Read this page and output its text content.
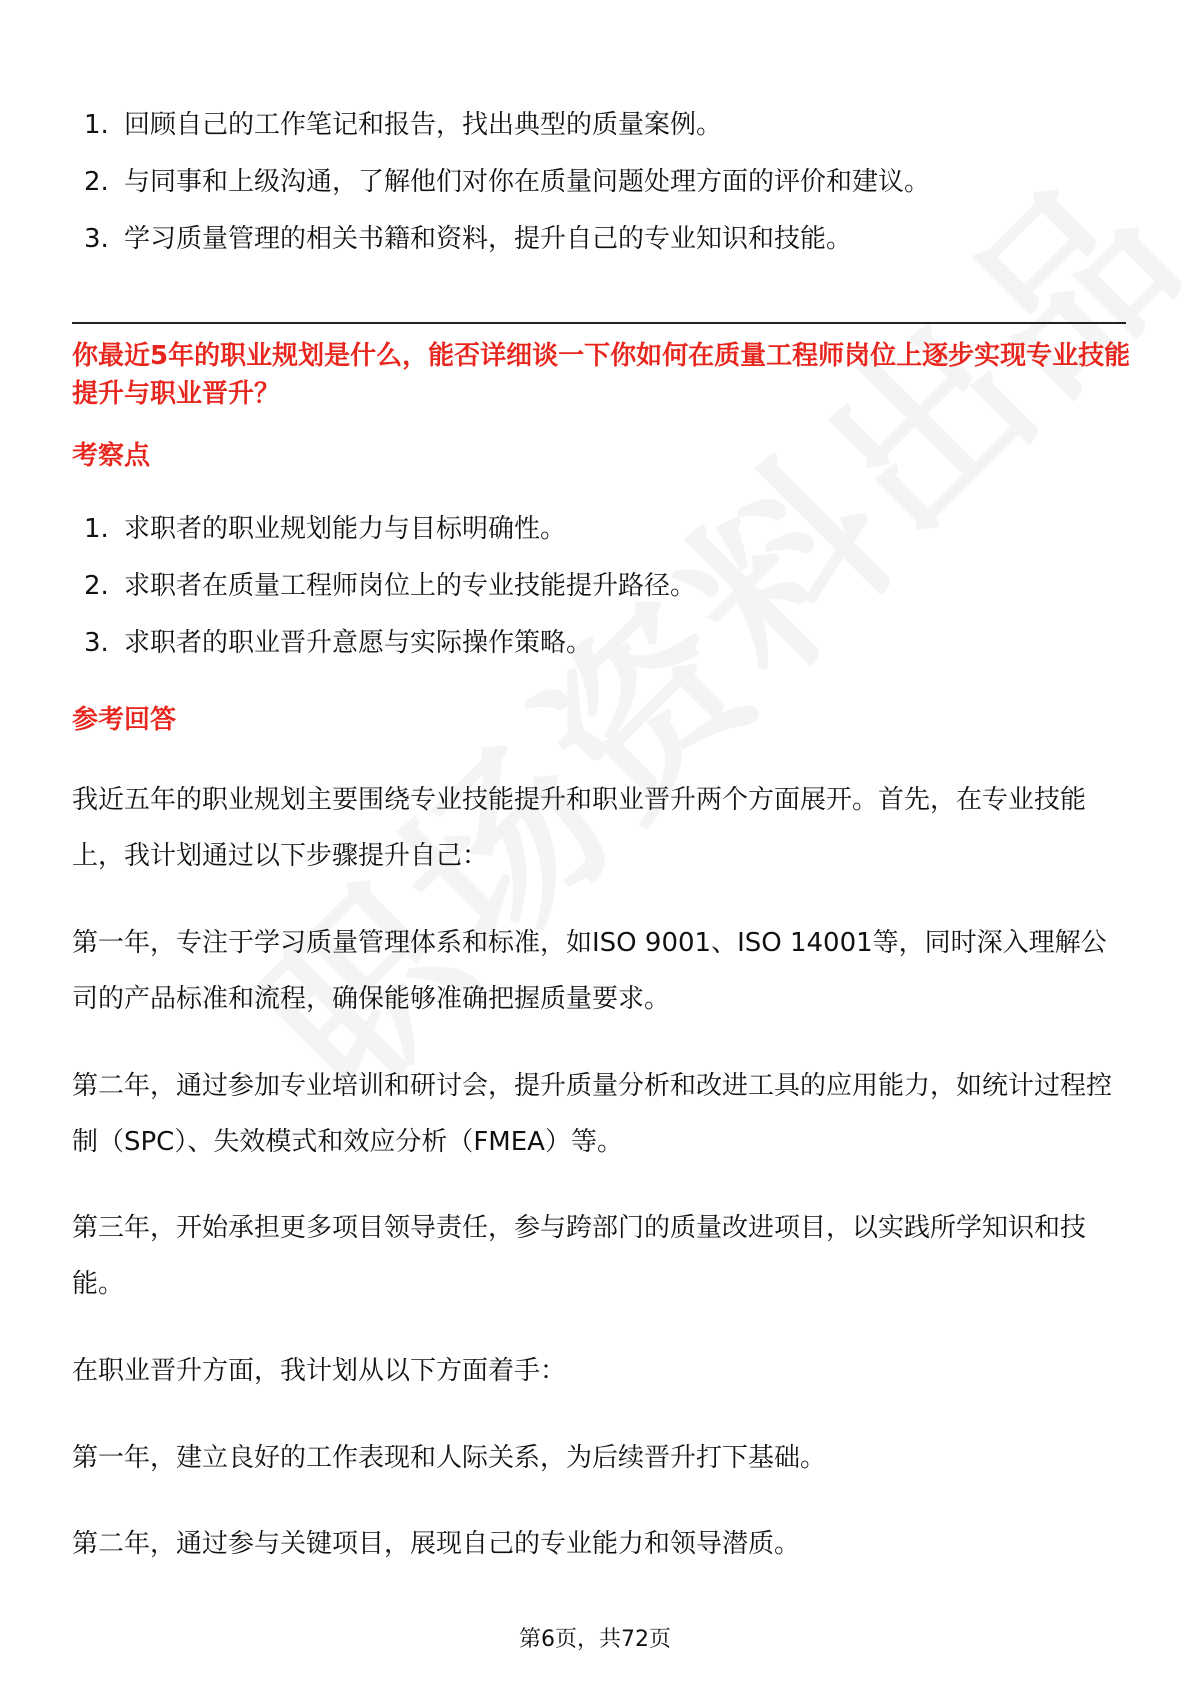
1. 回顾自己的工作笔记和报告，找出典型的质量案例。
2. 与同事和上级沟通，了解他们对你在质量问题处理方面的评价和建议。
3. 学习质量管理的相关书籍和资料，提升自己的专业知识和技能。

你最近5年的职业规划是什么，能否详细谈一下你如何在质量工程师岗位上逐步实现专业技能提升与职业晋升？

考察点
1. 求职者的职业规划能力与目标明确性。
2. 求职者在质量工程师岗位上的专业技能提升路径。
3. 求职者的职业晋升意愿与实际操作策略。
参考回答

我近五年的职业规划主要围绕专业技能提升和职业晋升两个方面展开。首先，在专业技能上，我计划通过以下步骤提升自己：

第一年，专注于学习质量管理体系和标准，如ISO 9001、ISO 14001等，同时深入理解公司的产品标准和流程，确保能够准确把握质量要求。

第二年，通过参加专业培训和研讨会，提升质量分析和改进工具的应用能力，如统计过程控制（SPC）、失效模式和效应分析（FMEA）等。

第三年，开始承担更多项目领导责任，参与跨部门的质量改进项目，以实践所学知识和技能。

在职业晋升方面，我计划从以下方面着手：

第一年，建立良好的工作表现和人际关系，为后续晋升打下基础。

第二年，通过参与关键项目，展现自己的专业能力和领导潜质。

第6页，共72页
